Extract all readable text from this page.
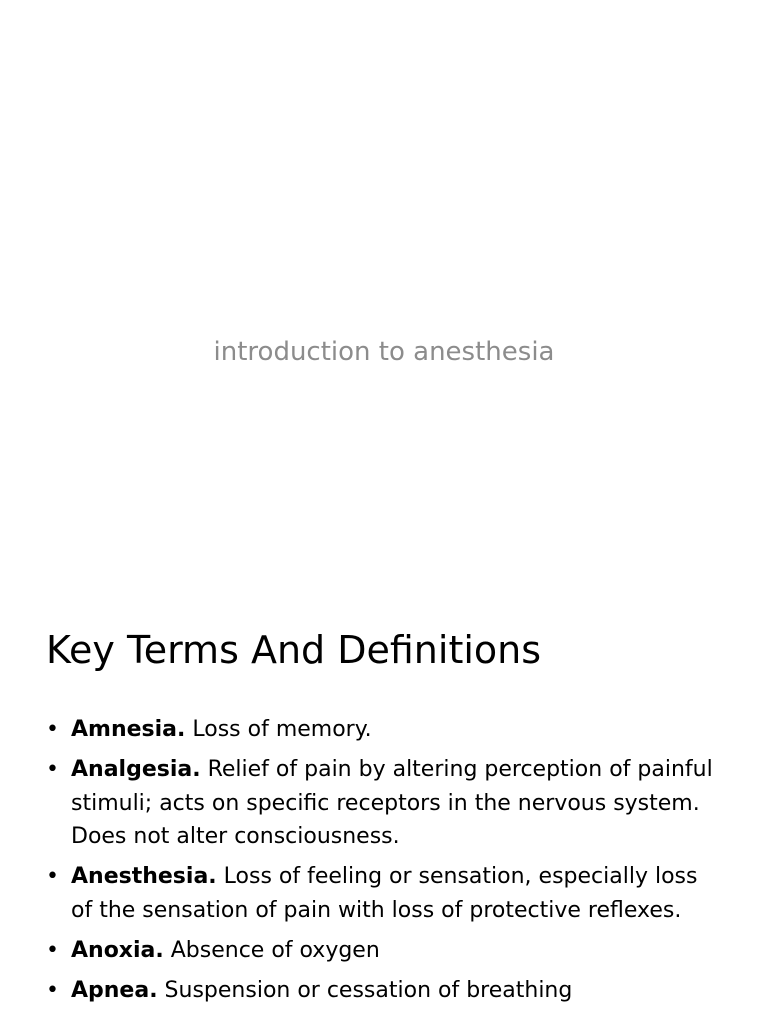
introduction to anesthesia
Key Terms And Definitions
• Amnesia. Loss of memory.
• Analgesia. Relief of pain by altering perception of painful stimuli; acts on specific receptors in the nervous system. Does not alter consciousness.
• Anesthesia. Loss of feeling or sensation, especially loss of the sensation of pain with loss of protective reflexes.
• Anoxia. Absence of oxygen
• Apnea. Suspension or cessation of breathing
